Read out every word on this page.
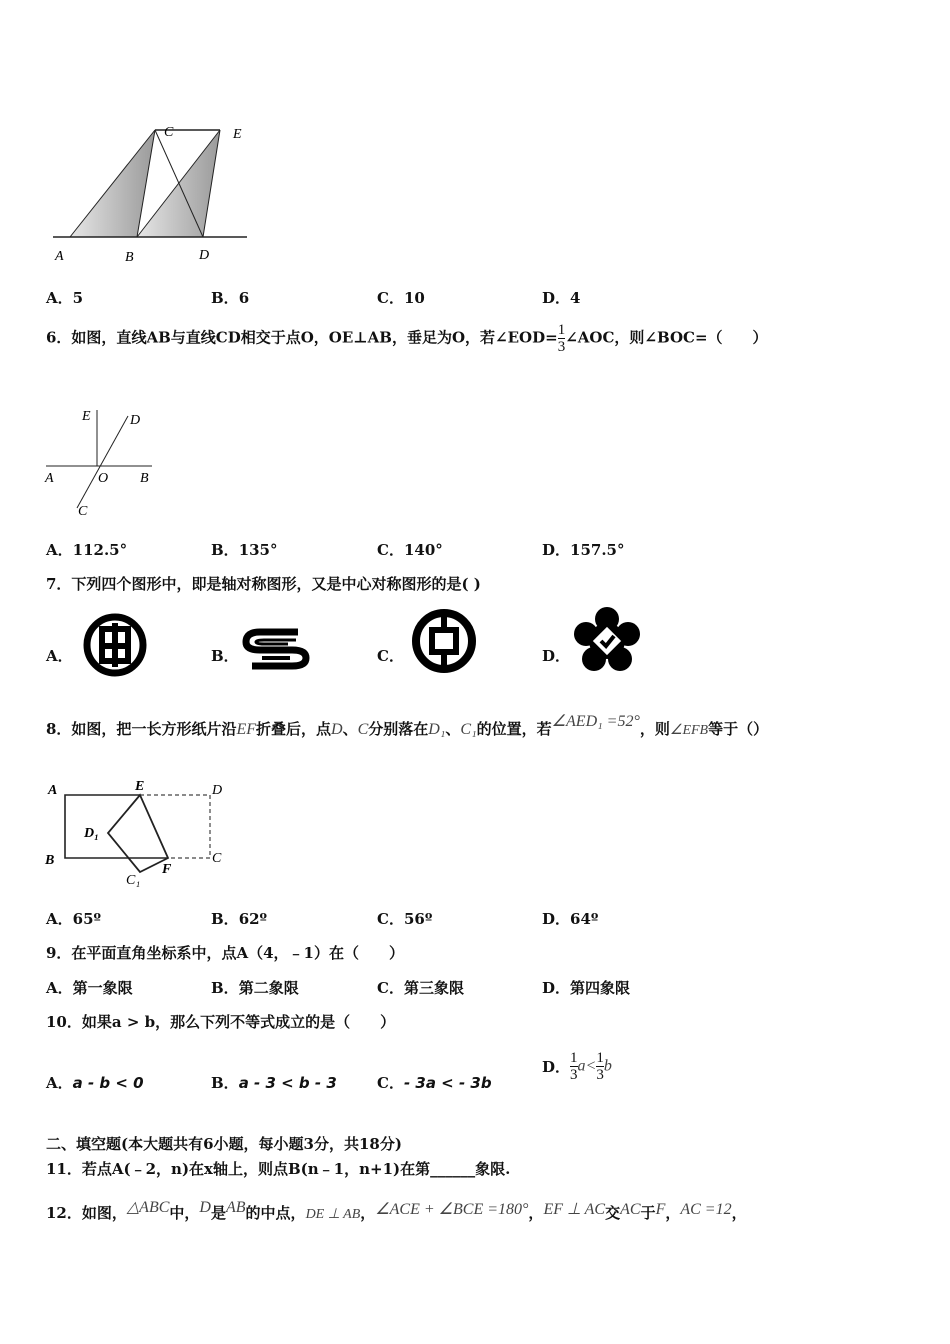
C	E
A	B	D
A．5	B．6	C．10	D．4
6．如图，直线AB与直线CD相交于点O，OE⊥AB，垂足为O，若∠EOD= $\frac{1}{3}$ ∠AOC，则∠BOC=（　　）
E	D
A	O B
C
A．112.5°	B．135°	C．140°	D．157.5°
7．下列四个图形中，即是轴对称图形，又是中心对称图形的是( )
A．	B．	C．	D．
8．如图，把一长方形纸片沿EF折叠后，点D、C分别落在D₁、C₁的位置，若∠AED₁ =52°，则∠EFB等于（）
A	E	D
D₁
B
C₁
F
C
A．65º	B．62º	C．56º	D．64º
9．在平面直角坐标系中，点A（4，﹣1）在（　　）
A．第一象限	B．第二象限	C．第三象限	D．第四象限
10．如果a > b，那么下列不等式成立的是（　　）
A．a - b < 0	B．a - 3 < b - 3	C．- 3a < - 3b
D． $\frac{1}{3} a< \frac{1}{3}$ b
二、填空题(本大题共有6小题，每小题3分，共18分)
11．若点A(﹣2，n)在x轴上，则点B(n﹣1，n+1)在第______象限.
12．如图，△ABC中，D是AB的中点，DE ⊥ AB，∠ACE + ∠BCE =180°，EF ⊥ AC交AC于F，AC =12，
